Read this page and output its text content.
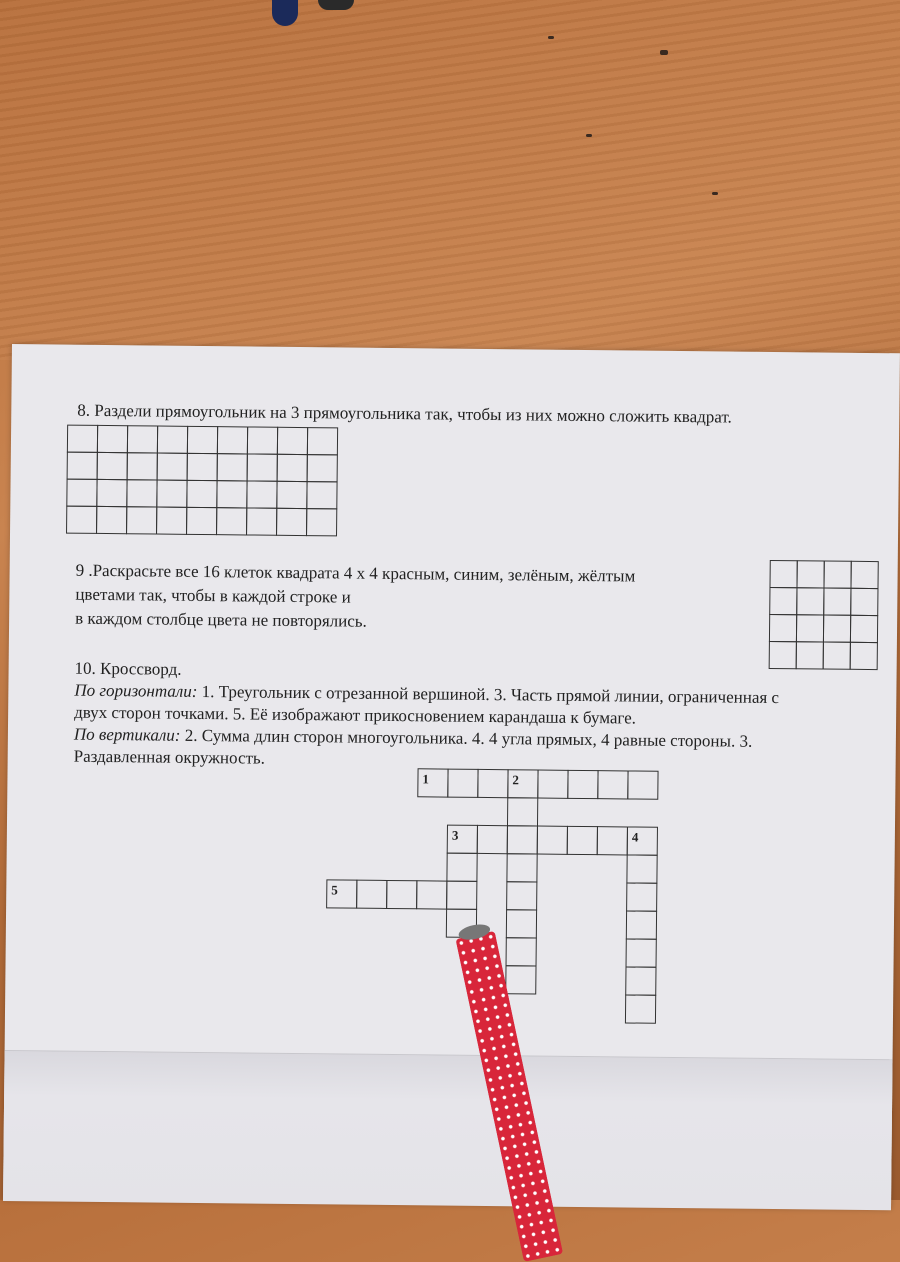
8. Раздели прямоугольник на 3 прямоугольника так, чтобы из них можно сложить квадрат.
9 .Раскрасьте все 16 клеток квадрата 4 х 4 красным, синим, зелёным, жёлтым
цветами так, чтобы в каждой строке и
в каждом столбце цвета не повторялись.
10. Кроссворд.
По горизонтали: 1. Треугольник с отрезанной вершиной. 3. Часть прямой линии, ограниченная с
двух сторон точками. 5. Её изображают прикосновением карандаша к бумаге.
По вертикали: 2. Сумма длин сторон многоугольника. 4. 4 угла прямых, 4 равные стороны. 3.
Раздавленная окружность.
1	2
3	4
5
